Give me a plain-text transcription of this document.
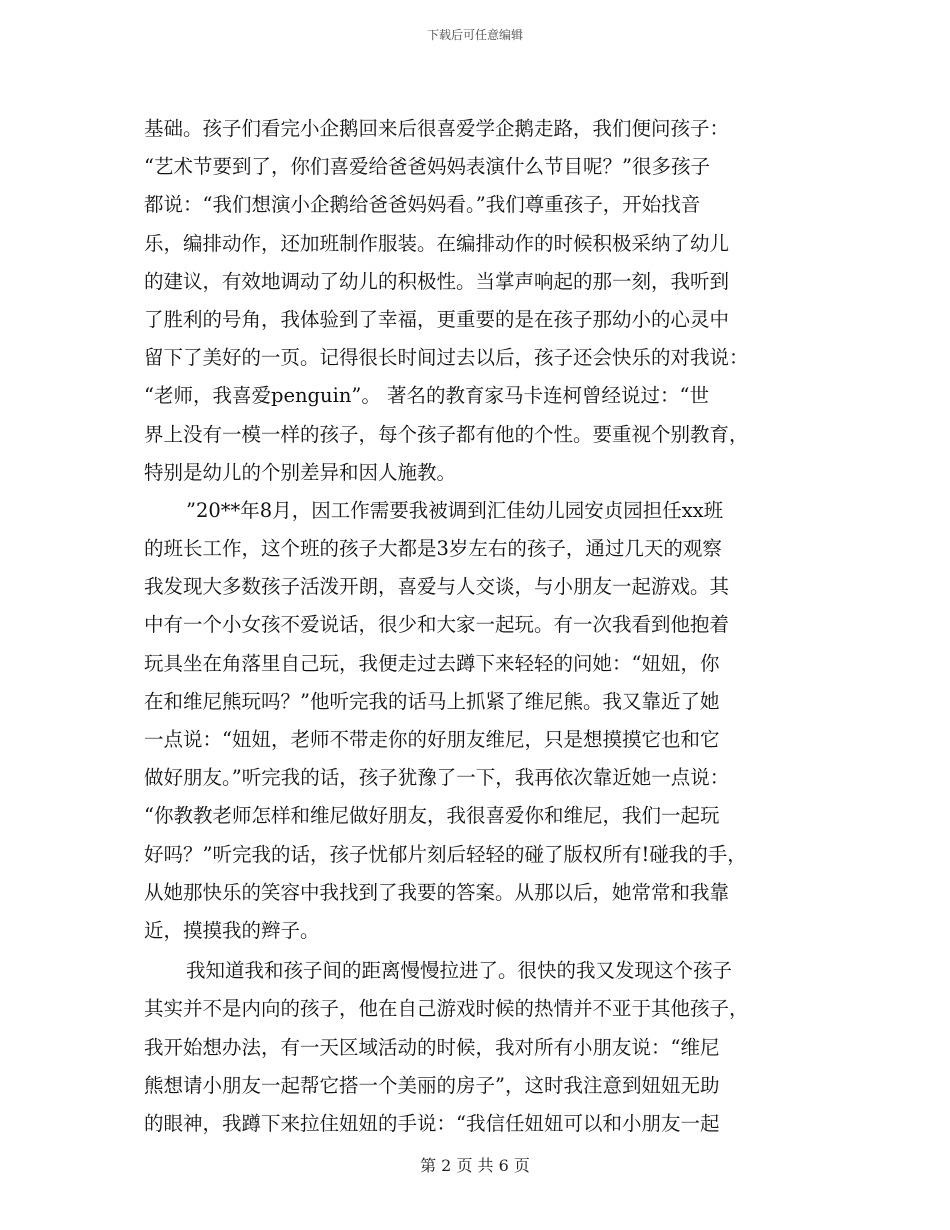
下载后可任意编辑
基础。孩子们看完小企鹅回来后很喜爱学企鹅走路，我们便问孩子：
“艺术节要到了，你们喜爱给爸爸妈妈表演什么节目呢？”很多孩子
都说：“我们想演小企鹅给爸爸妈妈看。”我们尊重孩子，开始找音
乐，编排动作，还加班制作服装。在编排动作的时候积极采纳了幼儿
的建议，有效地调动了幼儿的积极性。当掌声响起的那一刻，我听到
了胜利的号角，我体验到了幸福，更重要的是在孩子那幼小的心灵中
留下了美好的一页。记得很长时间过去以后，孩子还会快乐的对我说：
“老师，我喜爱penguin”。 著名的教育家马卡连柯曾经说过：“世
界上没有一模一样的孩子，每个孩子都有他的个性。要重视个别教育，
特别是幼儿的个别差异和因人施教。
”20**年8月，因工作需要我被调到汇佳幼儿园安贞园担任xx班
的班长工作，这个班的孩子大都是3岁左右的孩子，通过几天的观察
我发现大多数孩子活泼开朗，喜爱与人交谈，与小朋友一起游戏。其
中有一个小女孩不爱说话，很少和大家一起玩。有一次我看到他抱着
玩具坐在角落里自己玩，我便走过去蹲下来轻轻的问她：“妞妞，你
在和维尼熊玩吗？”他听完我的话马上抓紧了维尼熊。我又靠近了她
一点说：“妞妞，老师不带走你的好朋友维尼，只是想摸摸它也和它
做好朋友。”听完我的话，孩子犹豫了一下，我再依次靠近她一点说：
“你教教老师怎样和维尼做好朋友，我很喜爱你和维尼，我们一起玩
好吗？”听完我的话，孩子忧郁片刻后轻轻的碰了版权所有!碰我的手，
从她那快乐的笑容中我找到了我要的答案。从那以后，她常常和我靠
近，摸摸我的辫子。
我知道我和孩子间的距离慢慢拉进了。很快的我又发现这个孩子
其实并不是内向的孩子，他在自己游戏时候的热情并不亚于其他孩子，
我开始想办法，有一天区域活动的时候，我对所有小朋友说：“维尼
熊想请小朋友一起帮它搭一个美丽的房子”，这时我注意到妞妞无助
的眼神，我蹲下来拉住妞妞的手说：“我信任妞妞可以和小朋友一起
第 2 页 共 6 页
